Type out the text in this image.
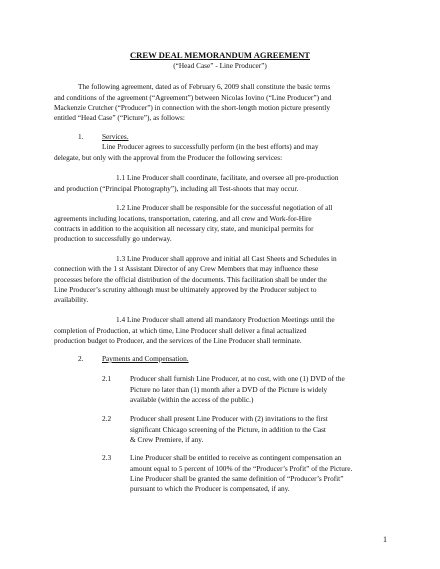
CREW DEAL MEMORANDUM AGREEMENT
(“Head Case” - Line Producer”)
The following agreement, dated as of February 6, 2009 shall constitute the basic terms
and conditions of the agreement (“Agreement”) between Nicolas Iovino (“Line Producer”) and
Mackenzie Crutcher (“Producer”) in connection with the short-length motion picture presently
entitled “Head Case” (“Picture”), as follows:
1.	Services.
Line Producer agrees to successfully perform (in the best efforts) and may
delegate, but only with the approval from the Producer the following services:
1.1 Line Producer shall coordinate, facilitate, and oversee all pre-production
and production (“Principal Photography”), including all Test-shoots that may occur.
1.2 Line Producer shall be responsible for the successful negotiation of all
agreements including locations, transportation, catering, and all crew and Work-for-Hire
contracts in addition to the acquisition all necessary city, state, and municipal permits for
production to successfully go underway.
1.3 Line Producer shall approve and initial all Cast Sheets and Schedules in
connection with the 1 st Assistant Director of any Crew Members that may influence these
processes before the official distribution of the documents. This facilitation shall be under the
Line Producer’s scrutiny although must be ultimately approved by the Producer subject to
availability.
1.4 Line Producer shall attend all mandatory Production Meetings until the
completion of Production, at which time, Line Producer shall deliver a final actualized
production budget to Producer, and the services of the Line Producer shall terminate.
2.	Payments and Compensation.
2.1	Producer shall furnish Line Producer, at no cost, with one (1) DVD of the
Picture no later than (1) month after a DVD of the Picture is widely
available (within the access of the public.)
2.2	Producer shall present Line Producer with (2) invitations to the first
significant Chicago screening of the Picture, in addition to the Cast
& Crew Premiere, if any.
2.3	Line Producer shall be entitled to receive as contingent compensation an
amount equal to 5 percent of 100% of the “Producer’s Profit” of the Picture.
Line Producer shall be granted the same definition of “Producer’s Profit”
pursuant to which the Producer is compensated, if any.
1
